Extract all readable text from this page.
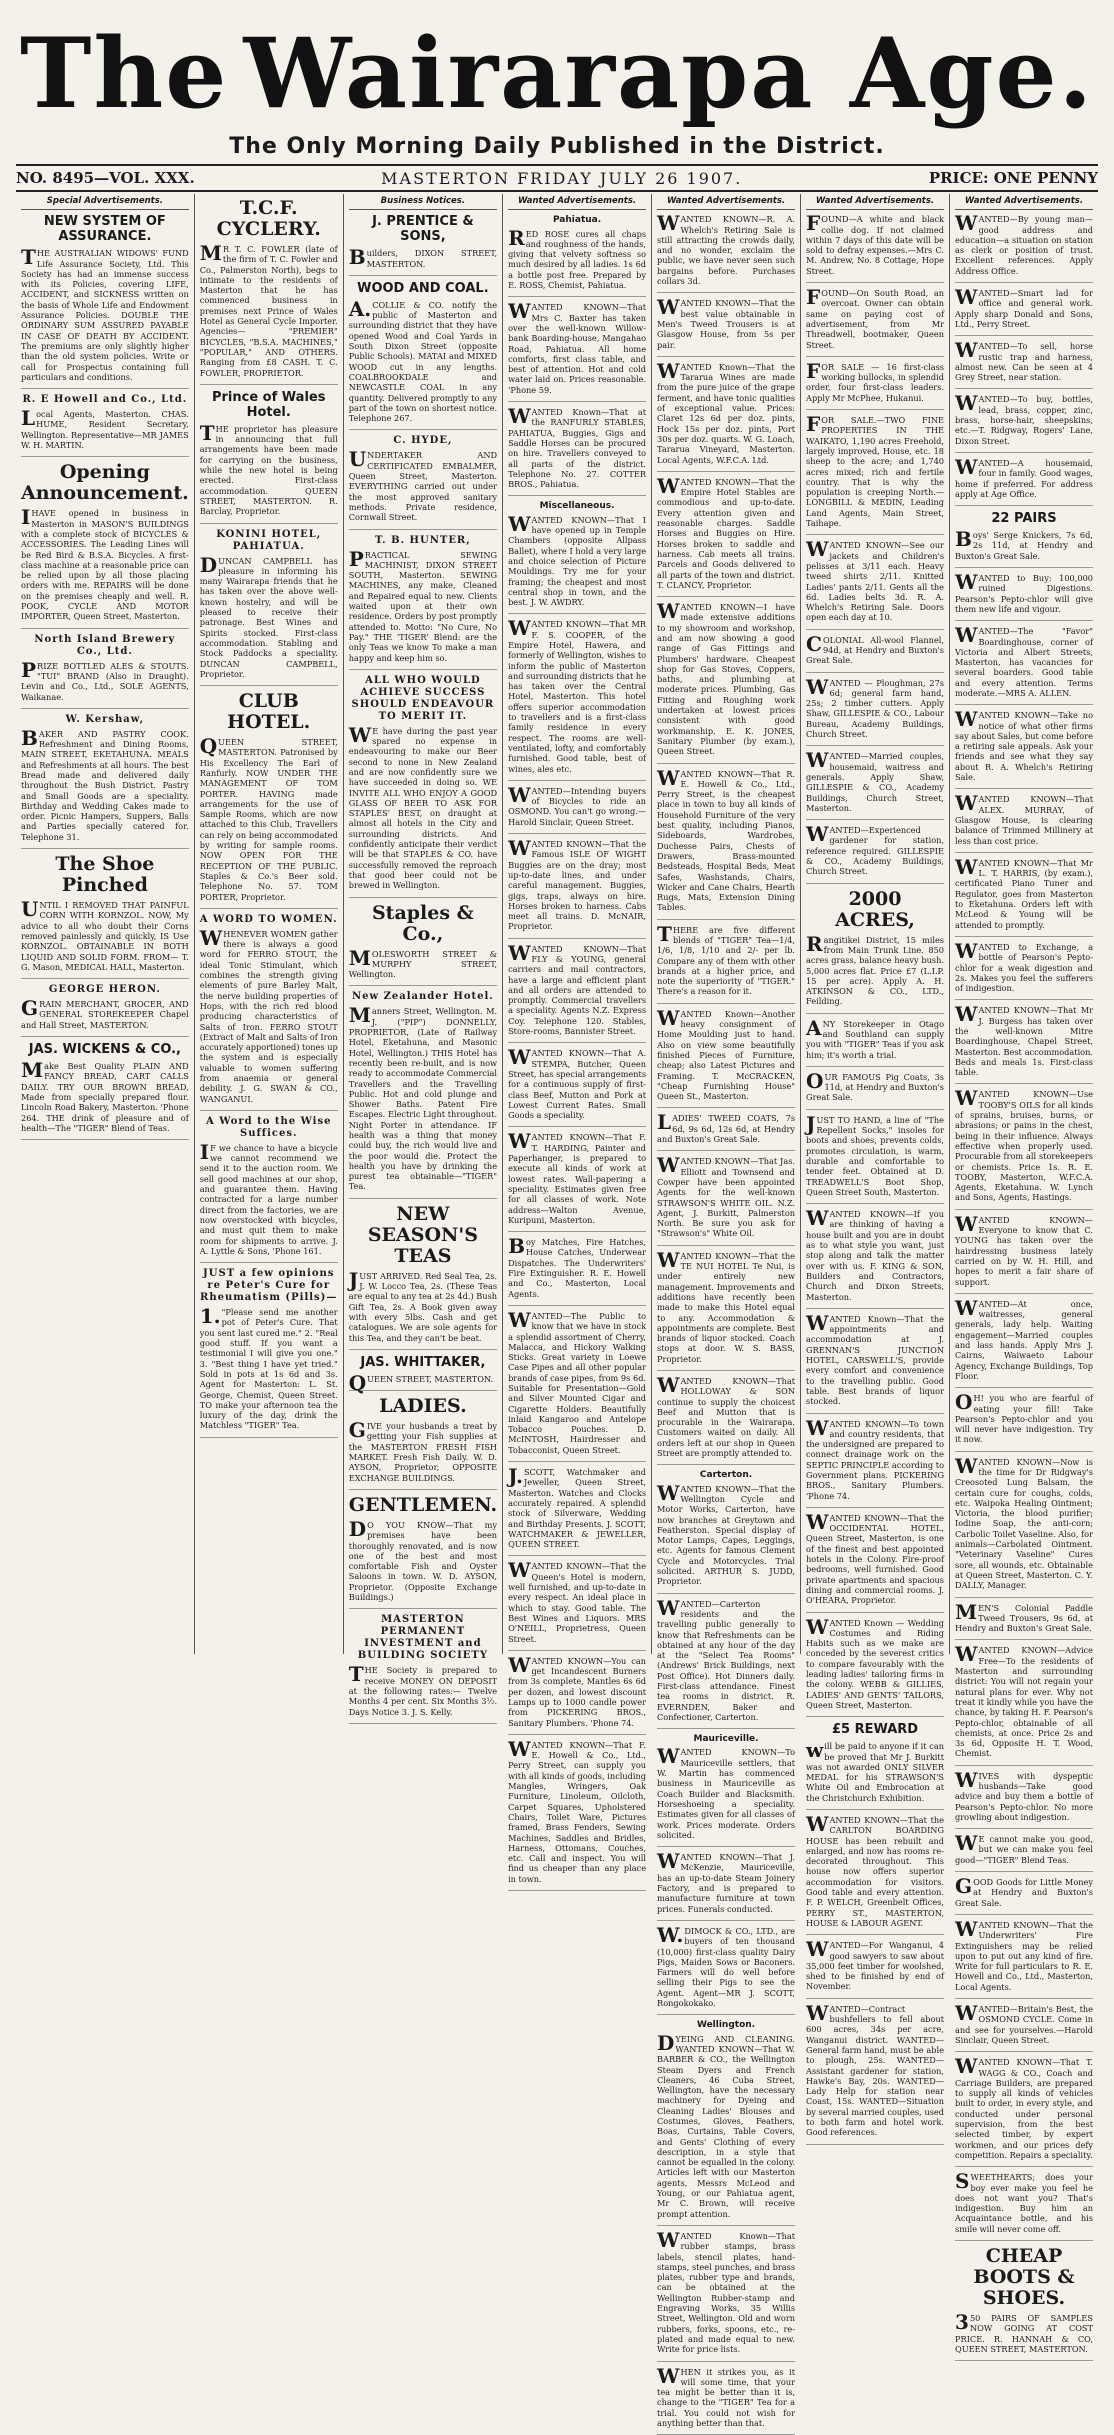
The Wairarapa Age.
The Only Morning Daily Published in the District.
NO. 8495—VOL. XXX.	MASTERTON FRIDAY JULY 26 1907.	PRICE: ONE PENNY
Special Advertisements.
NEW SYSTEM OF ASSURANCE.

THE AUSTRALIAN WIDOWS' FUND Life Assurance Society, Ltd. This Society has had an immense success with its Policies, covering LIFE, ACCIDENT, and SICKNESS written on the basis of Whole Life and Endowment Assurance Policies. DOUBLE THE ORDINARY SUM ASSURED PAYABLE IN CASE OF DEATH BY ACCIDENT. The premiums are only slightly higher than the old system policies. Write or call for Prospectus containing full particulars and conditions.

R. E Howell and Co., Ltd.

Local Agents, Masterton. CHAS. HUME, Resident Secretary, Wellington. Representative—MR JAMES W. H. MARTIN.

Opening Announcement.

IHAVE opened in business in Masterton in MASON'S BUILDINGS with a complete stock of BICYCLES & ACCESSORIES. The Leading Lines will be Red Bird & B.S.A. Bicycles. A first-class machine at a reasonable price can be relied upon by all those placing orders with me. REPAIRS will be done on the premises cheaply and well. R. POOK, CYCLE AND MOTOR IMPORTER, Queen Street, Masterton.

North Island Brewery Co., Ltd.

PRIZE BOTTLED ALES & STOUTS. "TUI" BRAND (Also in Draught). Levin and Co., Ltd., SOLE AGENTS, Waikanae.

W. Kershaw,

BAKER AND PASTRY COOK. Refreshment and Dining Rooms, MAIN STREET, EKETAHUNA. MEALS and Refreshments at all hours. The best Bread made and delivered daily throughout the Bush District. Pastry and Small Goods are a speciality. Birthday and Wedding Cakes made to order. Picnic Hampers, Suppers, Balls and Parties specially catered for. Telephone 31.

The Shoe Pinched

UNTIL I REMOVED THAT PAINFUL CORN WITH KORNZOL. NOW, My advice to all who doubt their Corns removed painlessly and quickly, IS Use KORNZOL. OBTAINABLE IN BOTH LIQUID AND SOLID FORM. FROM— T. G. Mason, MEDICAL HALL, Masterton.

GEORGE HERON.

GRAIN MERCHANT, GROCER, AND GENERAL STOREKEEPER Chapel and Hall Street, MASTERTON.

JAS. WICKENS & CO.,

Make Best Quality PLAIN AND FANCY BREAD, CART CALLS DAILY. TRY OUR BROWN BREAD, Made from specially prepared flour. Lincoln Road Bakery, Masterton. 'Phone 264. THE drink of pleasure and of health—The "TIGER" Blend of Teas.

T.C.F. CYCLERY.

MR T. C. FOWLER (late of the firm of T. C. Fowler and Co., Palmerston North), begs to intimate to the residents of Masterton that he has commenced business in premises next Prince of Wales Hotel as General Cycle Importer. Agencies— "PREMIER" BICYCLES, "B.S.A. MACHINES," "POPULAR," AND OTHERS. Ranging from £8 CASH. T. C. FOWLER, PROPRIETOR.

Prince of Wales Hotel.

THE proprietor has pleasure in announcing that full arrangements have been made for carrying on the business, while the new hotel is being erected. First-class accommodation. QUEEN STREET, MASTERTON. R. Barclay, Proprietor.

KONINI HOTEL, PAHIATUA.

DUNCAN CAMPBELL has pleasure in informing his many Wairarapa friends that he has taken over the above well-known hostelry, and will be pleased to receive their patronage. Best Wines and Spirits stocked. First-class accommodation. Stabling and Stock Paddocks a speciality. DUNCAN CAMPBELL, Proprietor.

CLUB HOTEL.

QUEEN STREET, MASTERTON. Patronised by His Excellency The Earl of Ranfurly. NOW UNDER THE MANAGEMENT OF TOM PORTER. HAVING made arrangements for the use of Sample Rooms, which are now attached to this Club, Travellers can rely on being accommodated by writing for sample rooms. NOW OPEN FOR THE RECEPTION OF THE PUBLIC. Staples & Co.'s Beer sold. Telephone No. 57. TOM PORTER, Proprietor.

A WORD TO WOMEN.

WHENEVER WOMEN gather there is always a good word for FERRO STOUT, the ideal Tonic Stimulant, which combines the strength giving elements of pure Barley Malt, the nerve building properties of Hops, with the rich red blood producing characteristics of Salts of Iron. FERRO STOUT (Extract of Malt and Salts of Iron accurately apportioned) tones up the system and is especially valuable to women suffering from anaemia or general debility. J. G. SWAN & CO., WANGANUI.

A Word to the Wise Suffices.

IF we chance to have a bicycle we cannot recommend we send it to the auction room. We sell good machines at our shop, and guarantee them. Having contracted for a large number direct from the factories, we are now overstocked with bicycles, and must quit them to make room for shipments to arrive. J. A. Lyttle & Sons, 'Phone 161.

JUST a few opinions re Peter's Cure for Rheumatism (Pills)—

1."Please send me another pot of Peter's Cure. That you sent last cured me." 2. "Real good stuff. If you want a testimonial I will give you one." 3. "Best thing I have yet tried." Sold in pots at 1s 6d and 3s. Agent for Masterton: L. St. George, Chemist, Queen Street. TO make your afternoon tea the luxury of the day, drink the Matchless "TIGER" Tea.

Business Notices.
J. PRENTICE & SONS,

Builders, DIXON STREET, MASTERTON.

WOOD AND COAL.

A.COLLIE & CO. notify the public of Masterton and surrounding district that they have opened Wood and Coal Yards in South Dixon Street (opposite Public Schools). MATAI and MIXED WOOD cut in any lengths. COALBROOKDALE and NEWCASTLE COAL in any quantity. Delivered promptly to any part of the town on shortest notice. Telephone 267.

C. HYDE,

UNDERTAKER AND CERTIFICATED EMBALMER, Queen Street, Masterton. EVERYTHING carried out under the most approved sanitary methods. Private residence, Cornwall Street.

T. B. HUNTER,

PRACTICAL SEWING MACHINIST, DIXON STREET SOUTH, Masterton. SEWING MACHINES, any make, Cleaned and Repaired equal to new. Clients waited upon at their own residence. Orders by post promptly attended to. Motto: "No Cure, No Pay." THE 'TIGER' Blend: are the only Teas we know To make a man happy and keep him so.

ALL WHO WOULD ACHIEVE SUCCESS SHOULD ENDEAVOUR TO MERIT IT.

WE have during the past year spared no expense in endeavouring to make our Beer second to none in New Zealand and are now confidently sure we have succeeded in doing so. WE INVITE ALL WHO ENJOY A GOOD GLASS OF BEER TO ASK FOR STAPLES' BEST, on draught at almost all hotels in the City and surrounding districts. And confidently anticipate their verdict will be that STAPLES & CO. have successfully removed the reproach that good beer could not be brewed in Wellington.

Staples & Co.,

MOLESWORTH STREET & MURPHY STREET, Wellington.

New Zealander Hotel.

Manners Street, Wellington. M. J. ("PIP") DONNELLY, PROPRIETOR, (Late of Railway Hotel, Eketahuna, and Masonic Hotel, Wellington.) THIS Hotel has recently been re-built, and is now ready to accommodate Commercial Travellers and the Travelling Public. Hot and cold plunge and Shower Baths. Patent Fire Escapes. Electric Light throughout. Night Porter in attendance. IF health was a thing that money could buy, the rich would live and the poor would die. Protect the health you have by drinking the purest tea obtainable—"TIGER" Tea.

NEW SEASON'S TEAS

JUST ARRIVED. Red Seal Tea, 2s. J. W. Locco Tea, 2s. (These Teas are equal to any tea at 2s 4d.) Bush Gift Tea, 2s. A Book given away with every 5lbs. Cash and get catalogues. We are sole agents for this Tea, and they can't be beat.

JAS. WHITTAKER,

QUEEN STREET, MASTERTON.

LADIES.

GIVE your husbands a treat by getting your Fish supplies at the MASTERTON FRESH FISH MARKET. Fresh Fish Daily. W. D. AYSON, Proprietor, OPPOSITE EXCHANGE BUILDINGS.

GENTLEMEN.

DO YOU KNOW—That my premises have been thoroughly renovated, and is now one of the best and most comfortable Fish and Oyster Saloons in town. W. D. AYSON, Proprietor. (Opposite Exchange Buildings.)

MASTERTON PERMANENT INVESTMENT and BUILDING SOCIETY

THE Society is prepared to receive MONEY ON DEPOSIT at the following rates:— Twelve Months 4 per cent. Six Months 3½. Days Notice 3. J. S. Kelly.

Wanted Advertisements.
Pahiatua.

RED ROSE cures all chaps and roughness of the hands, giving that velvety softness so much desired by all ladies. 1s 6d a bottle post free. Prepared by E. ROSS, Chemist, Pahiatua.

WANTED KNOWN—That Mrs C. Baxter has taken over the well-known Willow-bank Boarding-house, Mangahao Road, Pahiatua. All home comforts, first class table, and best of attention. Hot and cold water laid on. Prices reasonable. 'Phone 59.

WANTED Known—That at the RANFURLY STABLES, PAHIATUA, Buggies, Gigs and Saddle Horses can be procured on hire. Travellers conveyed to all parts of the district. Telephone No. 27. COTTER BROS., Pahiatua.

Miscellaneous.

WANTED KNOWN—That I have opened up in Temple Chambers (opposite Allpass Ballet), where I hold a very large and choice selection of Picture Mouldings. Try me for your framing; the cheapest and most central shop in town, and the best. J. W. AWDRY.

WANTED KNOWN—That MR F. S. COOPER, of the Empire Hotel, Hawera, and formerly of Wellington, wishes to inform the public of Masterton and surrounding districts that he has taken over the Central Hotel, Masterton. This hotel offers superior accommodation to travellers and is a first-class family residence in every respect. The rooms are well-ventilated, lofty, and comfortably furnished. Good table, best of wines, ales etc.

WANTED—Intending buyers of Bicycles to ride an OSMOND. You can't go wrong.—Harold Sinclair, Queen Street.

WANTED KNOWN—That the Famous ISLE OF WIGHT Buggies are on the dray; most up-to-date lines, and under careful management. Buggies, gigs, traps, always on hire. Horses broken to harness. Cabs meet all trains. D. McNAIR, Proprietor.

WANTED KNOWN—That FLY & YOUNG, general carriers and mail contractors, have a large and efficient plant and all orders are attended to promptly. Commercial travellers a speciality. Agents N.Z. Express Coy. Telephone 120. Stables, Store-rooms, Bannister Street.

WANTED KNOWN—That A. STEMPA, Butcher, Queen Street, has special arrangements for a continuous supply of first-class Beef, Mutton and Pork at Lowest Current Rates. Small Goods a speciality.

WANTED KNOWN—That F. T. HARDING, Painter and Paperhanger, is prepared to execute all kinds of work at lowest rates. Wall-papering a speciality. Estimates given free for all classes of work. Note address—Walton Avenue, Kuripuni, Masterton.

Boy Matches, Fire Hatches, House Catches, Underwear Dispatches. The Underwriters' Fire Extinguisher. R. E. Howell and Co., Masterton, Local Agents.

WANTED—The Public to know that we have in stock a splendid assortment of Cherry, Malacca, and Hickory Walking Sticks. Great variety in Loewe Case Pipes and all other popular brands of case pipes, from 9s 6d. Suitable for Presentation—Gold and Silver Mounted Cigar and Cigarette Holders. Beautifully inlaid Kangaroo and Antelope Tobacco Pouches. D. McINTOSH, Hairdresser and Tobacconist, Queen Street.

J.SCOTT, Watchmaker and Jeweller, Queen Street, Masterton. Watches and Clocks accurately repaired. A splendid stock of Silverware, Wedding and Birthday Presents. J. SCOTT, WATCHMAKER & JEWELLER, QUEEN STREET.

WANTED KNOWN—That the Queen's Hotel is modern, well furnished, and up-to-date in every respect. An ideal place in which to stay. Good table. The Best Wines and Liquors. MRS O'NEILL, Proprietress, Queen Street.

WANTED KNOWN—You can get Incandescent Burners from 3s complete, Mantles 6s 6d per dozen, and lowest discount Lamps up to 1000 candle power from PICKERING BROS., Sanitary Plumbers. 'Phone 74.

WANTED KNOWN—That F. E. Howell & Co., Ltd., Perry Street, can supply you with all kinds of goods, including Mangles, Wringers, Oak Furniture, Linoleum, Oilcloth, Carpet Squares, Upholstered Chairs, Toilet Ware, Pictures framed, Brass Fenders, Sewing Machines, Saddles and Bridles, Harness, Ottomans, Couches, etc. Call and inspect. You will find us cheaper than any place in town.

Wanted Advertisements.

WANTED KNOWN—R. A. Whelch's Retiring Sale is still attracting the crowds daily, and no wonder, exclaim the public, we have never seen such bargains before. Purchases collars 3d.

WANTED KNOWN—That the best value obtainable in Men's Tweed Trousers is at Glasgow House, from 5s per pair.

WANTED Known—That the Tararua Wines are made from the pure juice of the grape ferment, and have tonic qualities of exceptional value. Prices: Claret 12s 6d per doz. pints, Hock 15s per doz. pints, Port 30s per doz. quarts. W. G. Loach, Tararua Vineyard, Masterton. Local Agents, W.F.C.A. Ltd.

WANTED KNOWN—That the Empire Hotel Stables are commodious and up-to-date. Every attention given and reasonable charges. Saddle Horses and Buggies on Hire. Horses broken to saddle and harness. Cab meets all trains. Parcels and Goods delivered to all parts of the town and district. T. CLANCY, Proprietor.

WANTED KNOWN—I have made extensive additions to my showroom and workshop, and am now showing a good range of Gas Fittings and Plumbers' hardware. Cheapest shop for Gas Stoves, Coppers, baths, and plumbing at moderate prices. Plumbing, Gas Fitting and Roughing work undertaken at lowest prices consistent with good workmanship. E. K. JONES, Sanitary Plumber (by exam.), Queen Street.

WANTED KNOWN—That R. E. Howell & Co., Ltd., Perry Street, is the cheapest place in town to buy all kinds of Household Furniture of the very best quality, including Pianos, Sideboards, Wardrobes, Duchesse Pairs, Chests of Drawers, Brass-mounted Bedsteads, Hospital Beds, Meat Safes, Washstands, Chairs, Wicker and Cane Chairs, Hearth Rugs, Mats, Extension Dining Tables.

THERE are five different blends of "TIGER" Tea—1/4, 1/6, 1/8, 1/10 and 2/- per lb. Compare any of them with other brands at a higher price, and note the superiority of "TIGER." There's a reason for it.

WANTED Known—Another heavy consignment of Home Moulding just to hand. Also on view some beautifully finished Pieces of Furniture, cheap; also Latest Pictures and Framing. T. McCRACKEN, "Cheap Furnishing House" Queen St., Masterton.

LADIES' TWEED COATS, 7s 6d, 9s 6d, 12s 6d, at Hendry and Buxton's Great Sale.

WANTED KNOWN—That Jas. Elliott and Townsend and Cowper have been appointed Agents for the well-known STRAWSON'S WHITE OIL. N.Z. Agent, J. Burkitt, Palmerston North. Be sure you ask for "Strawson's" White Oil.

WANTED KNOWN—That the TE NUI HOTEL Te Nui, is under entirely new management. Improvements and additions have recently been made to make this Hotel equal to any. Accommodation & appointments are complete. Best brands of liquor stocked. Coach stops at door. W. S. BASS, Proprietor.

WANTED KNOWN—That HOLLOWAY & SON continue to supply the choicest Beef and Mutton that is procurable in the Wairarapa. Customers waited on daily. All orders left at our shop in Queen Street are promptly attended to.

Carterton.

WANTED KNOWN—That the Wellington Cycle and Motor Works, Carterton, have now branches at Greytown and Featherston. Special display of Motor Lamps, Capes, Leggings, etc. Agents for famous Clement Cycle and Motorcycles. Trial solicited. ARTHUR S. JUDD, Proprietor.

WANTED—Carterton residents and the travelling public generally to know that Refreshments can be obtained at any hour of the day at the "Select Tea Rooms" (Andrews' Brick Buildings, next Post Office). Hot Dinners daily. First-class attendance. Finest tea rooms in district. R. EVERNDEN, Baker and Confectioner, Carterton.

Mauriceville.

WANTED KNOWN—To Mauriceville settlers, that W. Martin has commenced business in Mauriceville as Coach Builder and Blacksmith. Horseshoeing a speciality. Estimates given for all classes of work. Prices moderate. Orders solicited.

WANTED KNOWN—That J. McKenzie, Mauriceville, has an up-to-date Steam Joinery Factory, and is prepared to manufacture furniture at town prices. Funerals conducted.

W.DIMOCK & CO., LTD., are buyers of ten thousand (10,000) first-class quality Dairy Pigs, Maiden Sows or Baconers. Farmers will do well before selling their Pigs to see the Agent. Agent—MR J. SCOTT, Rongokokako.

Wellington.

DYEING AND CLEANING. WANTED KNOWN—That W. BARBER & CO., the Wellington Steam Dyers and French Cleaners, 46 Cuba Street, Wellington, have the necessary machinery for Dyeing and Cleaning Ladies' Blouses and Costumes, Gloves, Feathers, Boas, Curtains, Table Covers, and Gents' Clothing of every description, in a style that cannot be equalled in the colony. Articles left with our Masterton agents, Messrs McLeod and Young, or our Pahiatua agent, Mr C. Brown, will receive prompt attention.

WANTED Known—That rubber stamps, brass labels, stencil plates, hand-stamps, steel punches, and brass plates, rubber type and brands, can be obtained at the Wellington Rubber-stamp and Engraving Works, 35 Willis Street, Wellington. Old and worn rubbers, forks, spoons, etc., re-plated and made equal to new. Write for price lists.

WHEN it strikes you, as it will some time, that your tea might be better than it is, change to the "TIGER" Tea for a trial. You could not wish for anything better than that.

Wanted Advertisements.

FOUND—A white and black collie dog. If not claimed within 7 days of this date will be sold to defray expenses.—Mrs C. M. Andrew, No. 8 Cottage, Hope Street.

FOUND—On South Road, an overcoat. Owner can obtain same on paying cost of advertisement, from Mr Threadwell, bootmaker, Queen Street.

FOR SALE — 16 first-class working bullocks, in splendid order, four first-class leaders. Apply Mr McPhee, Hukanui.

FOR SALE.—TWO FINE PROPERTIES IN THE WAIKATO, 1,190 acres Freehold, largely improved, House, etc. 18 sheep to the acre; and 1,740 acres mixed; rich and fertile country. That is why the population is creeping North.—LONGBILL & MEDIN, Leading Land Agents, Main Street, Taihape.

WANTED KNOWN—See our jackets and Children's pelisses at 3/11 each. Heavy tweed shirts 2/11. Knitted Ladies' pants 2/11. Gents all the 6d. Ladies belts 3d. R. A. Whelch's Retiring Sale. Doors open each day at 10.

COLONIAL All-wool Flannel, 94d, at Hendry and Buxton's Great Sale.

WANTED — Ploughman, 27s 6d; general farm hand, 25s; 2 timber cutters. Apply Shaw, GILLESPIE & CO., Labour Bureau, Academy Buildings, Church Street.

WANTED—Married couples, housemaid, waitress and generals. Apply Shaw, GILLESPIE & CO., Academy Buildings, Church Street, Masterton.

WANTED—Experienced gardener for station, reference required. GILLESPIE & CO., Academy Buildings, Church Street.

2000 ACRES,

Rangitikei District, 15 miles from Main Trunk Line. 850 acres grass, balance heavy bush. 5,000 acres flat. Price £7 (L.I.P. 15 per acre). Apply A. H. ATKINSON & CO., LTD., Feilding.

ANY Storekeeper in Otago and Southland can supply you with "TIGER" Teas if you ask him; it's worth a trial.

OUR FAMOUS Pig Coats, 3s 11d, at Hendry and Buxton's Great Sale.

JUST TO HAND, a line of "The Repellent Socks," insoles for boots and shoes, prevents colds, promotes circulation, is warm, durable and comfortable to tender feet. Obtained at D. TREADWELL'S Boot Shop, Queen Street South, Masterton.

WANTED KNOWN—If you are thinking of having a house built and you are in doubt as to what style you want, just stop along and talk the matter over with us. F. KING & SON, Builders and Contractors, Church and Dixon Streets, Masterton.

WANTED Known—That the appointments and accommodation at J. GRENNAN'S JUNCTION HOTEL, CARSWELL'S, provide every comfort and convenience to the travelling public. Good table. Best brands of liquor stocked.

WANTED KNOWN—To town and country residents, that the undersigned are prepared to connect drainage work on the SEPTIC PRINCIPLE according to Government plans. PICKERING BROS., Sanitary Plumbers. 'Phone 74.

WANTED KNOWN—That the OCCIDENTAL HOTEL, Queen Street, Masterton, is one of the finest and best appointed hotels in the Colony. Fire-proof bedrooms, well furnished. Good private apartments and spacious dining and commercial rooms. J. O'HEARA, Proprietor.

WANTED Known — Wedding Costumes and Riding Habits such as we make are conceded by the severest critics to compare favourably with the leading ladies' tailoring firms in the colony. WEBB & GILLIES, LADIES' AND GENTS' TAILORS, Queen Street, Masterton.

£5 REWARD

will be paid to anyone if it can be proved that Mr J. Burkitt was not awarded ONLY SILVER MEDAL for his STRAWSON'S White Oil and Embrocation at the Christchurch Exhibition.

WANTED KNOWN—That the CARLTON BOARDING HOUSE has been rebuilt and enlarged, and now has rooms re-decorated throughout. This house now offers superior accommodation for visitors. Good table and every attention. F. P. WELCH, Greenbelt Offices, PERRY ST., MASTERTON, HOUSE & LABOUR AGENT.

WANTED—For Wanganui, 4 good sawyers to saw about 35,000 feet timber for woolshed, shed to be finished by end of November.

WANTED—Contract bushfellers to fell about 600 acres, 34s per acre, Wanganui district. WANTED—General farm hand, must be able to plough, 25s. WANTED—Assistant gardener for station, Hawke's Bay, 20s. WANTED—Lady Help for station near Coast, 15s. WANTED—Situation by several married couples, used to both farm and hotel work. Good references.

Wanted Advertisements.

WANTED—By young man—good address and education—a situation on station as clerk or position of trust. Excellent references. Apply Address Office.

WANTED—Smart lad for office and general work. Apply sharp Donald and Sons, Ltd., Perry Street.

WANTED—To sell, horse rustic trap and harness, almost new. Can be seen at 4 Grey Street, near station.

WANTED—To buy, bottles, lead, brass, copper, zinc, brass, horse-hair, sheepskins, etc.—T. Ridgway, Rogers' Lane, Dixon Street.

WANTED—A housemaid, four in family. Good wages, home if preferred. For address apply at Age Office.

22 PAIRS

Boys' Serge Knickers, 7s 6d, 2s 11d, at Hendry and Buxton's Great Sale.

WANTED to Buy: 100,000 ruined Digestions. Pearson's Pepto-chlor will give them new life and vigour.

WANTED—The "Favor" Boardinghouse, corner of Victoria and Albert Streets, Masterton, has vacancies for several boarders. Good table and every attention. Terms moderate.—MRS A. ALLEN.

WANTED KNOWN—Take no notice of what other firms say about Sales, but come before a retiring sale appeals. Ask your friends and see what they say about R. A. Whelch's Retiring Sale.

WANTED KNOWN—That ALEX. MURRAY, of Glasgow House, is clearing balance of Trimmed Millinery at less than cost price.

WANTED KNOWN—That Mr L. T. HARRIS, (by exam.), certificated Piano Tuner and Regulator, goes from Masterton to Eketahuna. Orders left with McLeod & Young will be attended to promptly.

WANTED to Exchange, a bottle of Pearson's Pepto-chlor for a weak digestion and 2s. Makes you feel the sufferers of indigestion.

WANTED KNOWN—That Mr J. Burgess has taken over the well-known Mitre Boardinghouse, Chapel Street, Masterton. Best accommodation. Beds and meals 1s. First-class table.

WANTED KNOWN—Use TOOBY'S OILS for all kinds of sprains, bruises, burns, or abrasions; or pains in the chest, being in their influence. Always effective when properly used. Procurable from all storekeepers or chemists. Price 1s. R. E. TOOBY, Masterton, W.F.C.A. Agents, Eketahuna. W. Lynch and Sons, Agents, Hastings.

WANTED KNOWN—Everyone to know that C. YOUNG has taken over the hairdressing business lately carried on by W. H. Hill, and hopes to merit a fair share of support.

WANTED—At once, waitresses, general generals, lady help. Waiting engagement—Married couples and lass hands. Apply Mrs J. Cairns, Waiwaeto Labour Agency, Exchange Buildings, Top Floor.

OH! you who are fearful of eating your fill! Take Pearson's Pepto-chlor and you will never have indigestion. Try it now.

WANTED KNOWN—Now is the time for Dr Ridgway's Creosoted Lung Balsam, the certain cure for coughs, colds, etc. Waipoka Healing Ointment; Victoria, the blood purifier; Iodine Soap, the anti-corn; Carbolic Toilet Vaseline. Also, for animals—Carbolated Ointment. "Veterinary Vaseline" Cures sore, all wounds, etc. Obtainable at Queen Street, Masterton. C. Y. DALLY, Manager.

MEN'S Colonial Paddle Tweed Trousers, 9s 6d, at Hendry and Buxton's Great Sale.

WANTED KNOWN—Advice Free—To the residents of Masterton and surrounding district: You will not regain your natural plans for ever. Why not treat it kindly while you have the chance, by taking H. F. Pearson's Pepto-chlor, obtainable of all chemists, at once. Price 2s and 3s 6d, Opposite H. T. Wood, Chemist.

WIVES with dyspeptic husbands—Take good advice and buy them a bottle of Pearson's Pepto-chlor. No more growling about indigestion.

WE cannot make you good, but we can make you feel good—"TIGER" Blend Teas.

GOOD Goods for Little Money at Hendry and Buxton's Great Sale.

WANTED KNOWN—That the Underwriters' Fire Extinguishers may be relied upon to put out any kind of fire. Write for full particulars to R. E. Howell and Co., Ltd., Masterton, Local Agents.

WANTED—Britain's Best, the OSMOND CYCLE. Come in and see for yourselves.—Harold Sinclair, Queen Street.

WANTED KNOWN—That T. WAGG & CO., Coach and Carriage Builders, are prepared to supply all kinds of vehicles built to order, in every style, and conducted under personal supervision, from the best selected timber, by expert workmen, and our prices defy competition. Repairs a speciality.

SWEETHEARTS; does your boy ever make you feel he does not want you? That's indigestion. Buy him an Acquaintance bottle, and his smile will never come off.

CHEAP BOOTS & SHOES.

350 PAIRS OF SAMPLES NOW GOING AT COST PRICE. R. HANNAH & CO, QUEEN STREET, MASTERTON.
